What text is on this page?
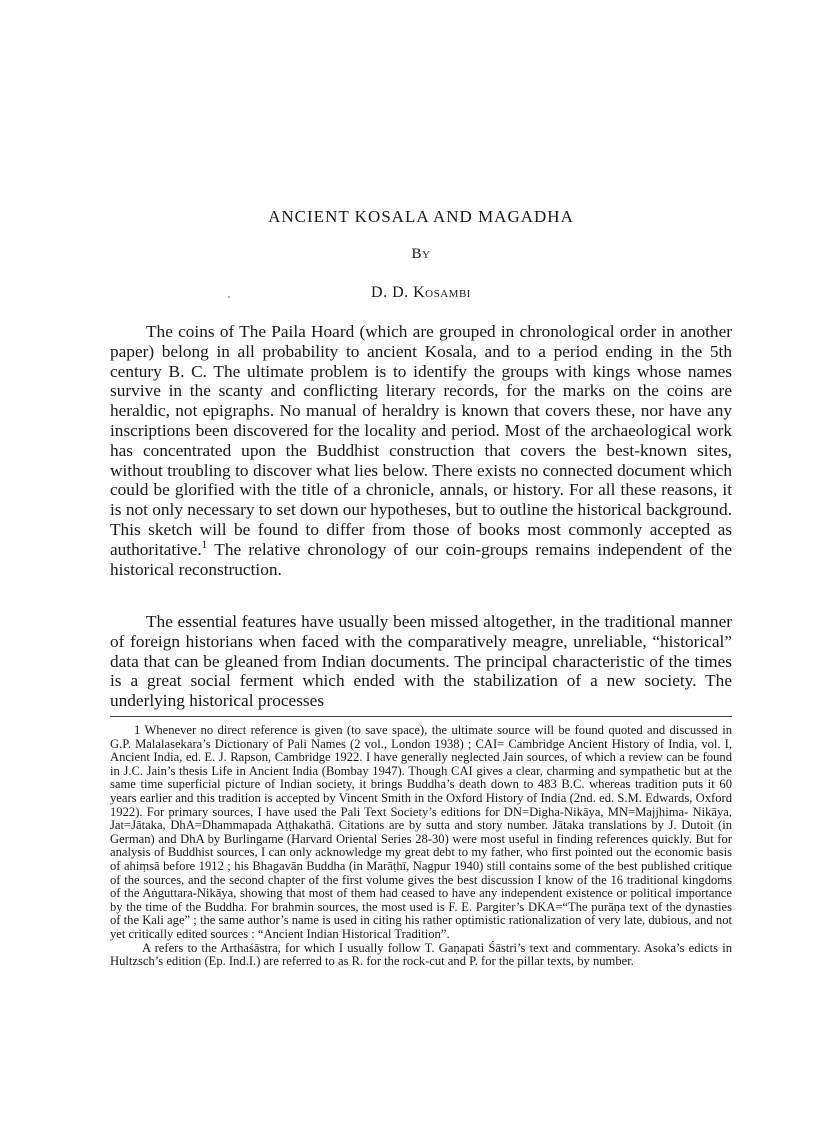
ANCIENT KOSALA AND MAGADHA
By
D. D. Kosambi
The coins of The Paila Hoard (which are grouped in chronological order in another paper) belong in all probability to ancient Kosala, and to a period ending in the 5th century B. C. The ultimate problem is to identify the groups with kings whose names survive in the scanty and conflicting literary records, for the marks on the coins are heraldic, not epigraphs. No manual of heraldry is known that covers these, nor have any inscriptions been discovered for the locality and period. Most of the archaeological work has concentrated upon the Buddhist construction that covers the best-known sites, without troubling to discover what lies below. There exists no connected document which could be glorified with the title of a chronicle, annals, or history. For all these reasons, it is not only necessary to set down our hypotheses, but to outline the historical background. This sketch will be found to differ from those of books most commonly accepted as authoritative.$^1$ The relative chronology of our coin-groups remains independent of the historical reconstruction.
The essential features have usually been missed altogether, in the traditional manner of foreign historians when faced with the comparatively meagre, unreliable, “historical” data that can be gleaned from Indian documents. The principal characteristic of the times is a great social ferment which ended with the stabilization of a new society. The underlying historical processes

1 Whenever no direct reference is given (to save space), the ultimate source will be found quoted and discussed in G.P. Malalasekara’s Dictionary of Pali Names (2 vol., London 1938) ; CAI= Cambridge Ancient History of India, vol. I, Ancient India, ed. E. J. Rapson, Cambridge 1922. I have generally neglected Jain sources, of which a review can be found in J.C. Jain’s thesis Life in Ancient India (Bombay 1947). Though CAI gives a clear, charming and sympathetic but at the same time superficial picture of Indian society, it brings Buddha’s death down to 483 B.C. whereas tradition puts it 60 years earlier and this tradition is accepted by Vincent Smith in the Oxford History of India (2nd. ed. S.M. Edwards, Oxford 1922). For primary sources, I have used the Pali Text Society’s editions for DN=Digha-Nikāya, MN=Majjhima- Nikāya, Jat=Jātaka, DhA=Dhammapada Aṭṭhakathā. Citations are by sutta and story number. Jātaka translations by J. Dutoit (in German) and DhA by Burlingame (Harvard Oriental Series 28-30) were most useful in finding references quickly. But for analysis of Buddhist sources, I can only acknowledge my great debt to my father, who first pointed out the economic basis of ahiṃsā before 1912 ; his Bhagavān Buddha (in Marāṭhī, Nagpur 1940) still contains some of the best published critique of the sources, and the second chapter of the first volume gives the best discussion I know of the 16 traditional kingdoms of the Aṅguttara-Nikāya, showing that most of them had ceased to have any independent existence or political importance by the time of the Buddha. For brahmin sources, the most used is F. E. Pargiter’s DKA=“The purāṇa text of the dynasties of the Kali age” ; the same author’s name is used in citing his rather optimistic rationalization of very late, dubious, and not yet critically edited sources : “Ancient Indian Historical Tradition”.

A refers to the Arthaśāstra, for which I usually follow T. Gaṇapati Śāstri’s text and commentary. Asoka’s edicts in Hultzsch’s edition (Ep. Ind.I.) are referred to as R. for the rock-cut and P. for the pillar texts, by number.
